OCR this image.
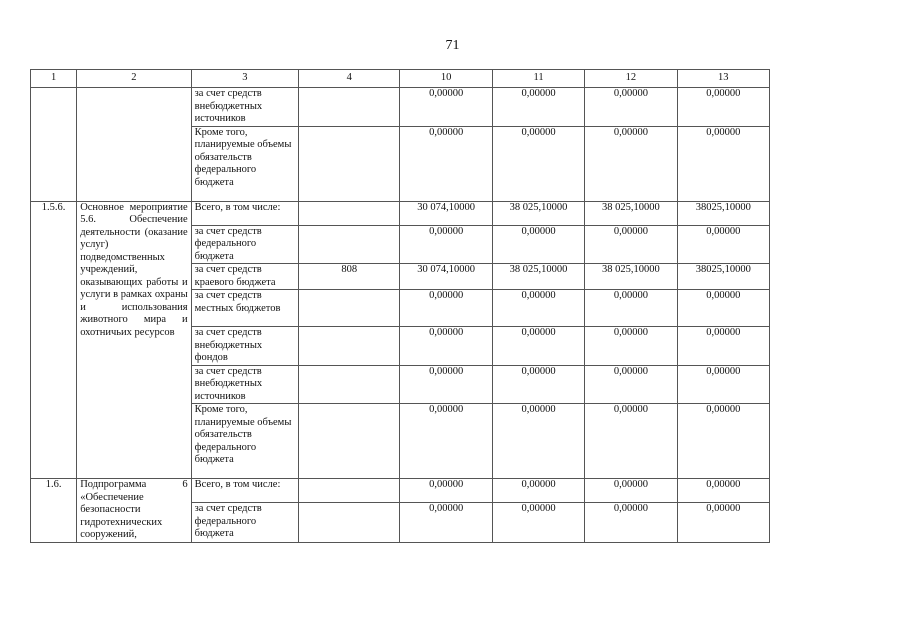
71
1	2	3	4	10	11	12	13
		за счет средств внебюджетных источников		0,00000	0,00000	0,00000	0,00000
		Кроме того, планируемые объемы обязательств федерального бюджета		0,00000	0,00000	0,00000	0,00000
1.5.6.	Основное мероприятие 5.6. Обеспечение деятельности (оказание услуг) подведомственных учреждений, оказывающих работы и услуги в рамках охраны и использования животного мира и охотничьих ресурсов	Всего, в том числе:		30 074,10000	38 025,10000	38 025,10000	38025,10000
		за счет средств федерального бюджета		0,00000	0,00000	0,00000	0,00000
		за счет средств краевого бюджета	808	30 074,10000	38 025,10000	38 025,10000	38025,10000
		за счет средств местных бюджетов		0,00000	0,00000	0,00000	0,00000
		за счет средств внебюджетных фондов		0,00000	0,00000	0,00000	0,00000
		за счет средств внебюджетных источников		0,00000	0,00000	0,00000	0,00000
		Кроме того, планируемые объемы обязательств федерального бюджета		0,00000	0,00000	0,00000	0,00000
1.6.	Подпрограмма 6 «Обеспечение безопасности гидротехнических сооружений,	Всего, в том числе:		0,00000	0,00000	0,00000	0,00000
		за счет средств федерального бюджета		0,00000	0,00000	0,00000	0,00000
